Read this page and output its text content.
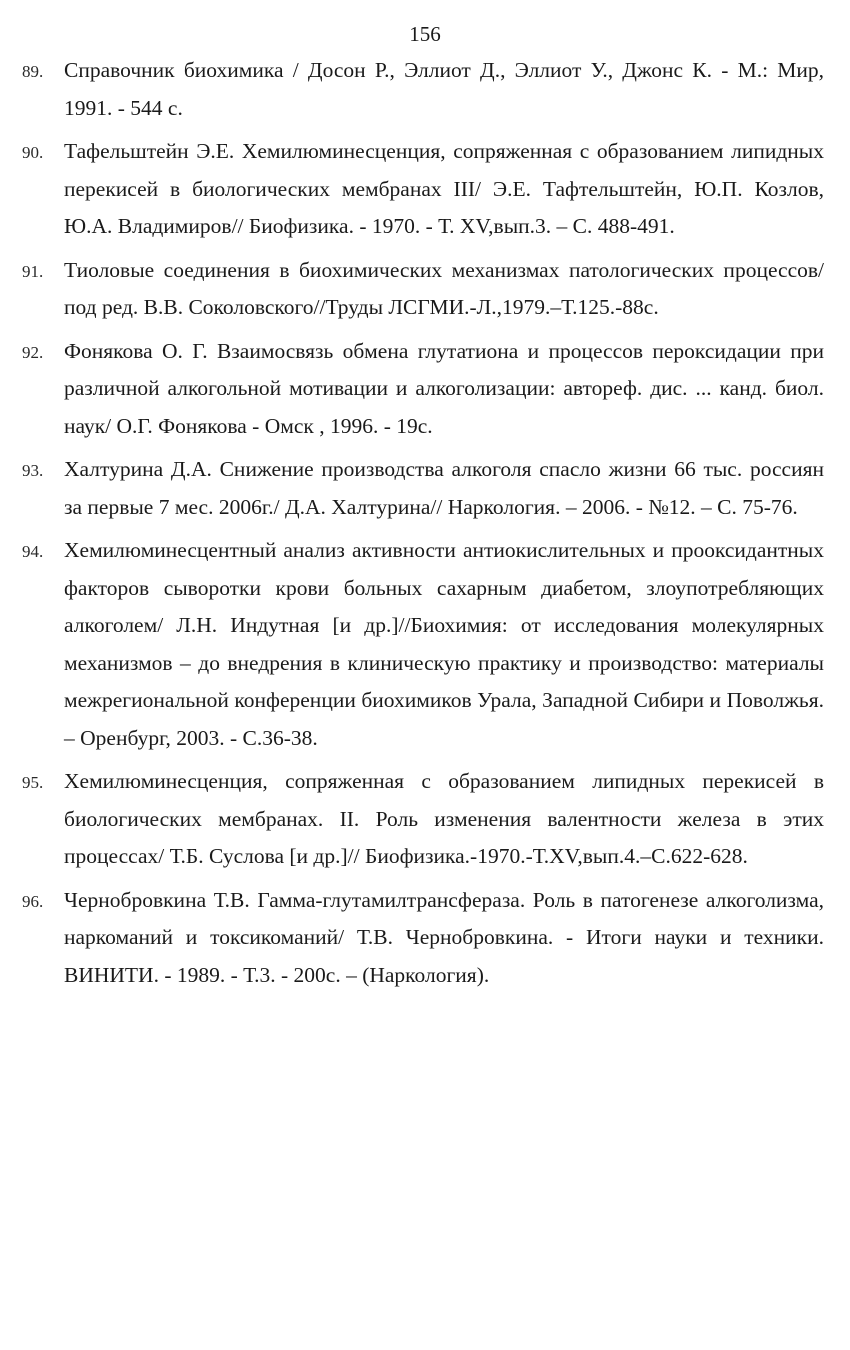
156
89. Справочник биохимика / Досон Р., Эллиот Д., Эллиот У., Джонс К. - М.: Мир, 1991. - 544 с.
90. Тафельштейн Э.Е. Хемилюминесценция, сопряженная с образованием липидных перекисей в биологических мембранах III/ Э.Е. Тафтельштейн, Ю.П. Козлов, Ю.А. Владимиров// Биофизика. - 1970. - Т. XV,вып.3. – С. 488-491.
91. Тиоловые соединения в биохимических механизмах патологических процессов/под ред. В.В. Соколовского//Труды ЛСГМИ.-Л.,1979.–Т.125.-88с.
92. Фонякова О. Г. Взаимосвязь обмена глутатиона и процессов пероксидации при различной алкогольной мотивации и алкоголизации: автореф. дис. ... канд. биол. наук/ О.Г. Фонякова - Омск , 1996. - 19с.
93. Халтурина Д.А. Снижение производства алкоголя спасло жизни 66 тыс. россиян за первые 7 мес. 2006г./ Д.А. Халтурина// Наркология. – 2006. - №12. – С. 75-76.
94. Хемилюминесцентный анализ активности антиокислительных и прооксидантных факторов сыворотки крови больных сахарным диабетом, злоупотребляющих алкоголем/ Л.Н. Индутная [и др.]//Биохимия: от исследования молекулярных механизмов – до внедрения в клиническую практику и производство: материалы межрегиональной конференции биохимиков Урала, Западной Сибири и Поволжья. – Оренбург, 2003. - С.36-38.
95. Хемилюминесценция, сопряженная с образованием липидных перекисей в биологических мембранах. II. Роль изменения валентности железа в этих процессах/ Т.Б. Суслова [и др.]// Биофизика.-1970.-Т.XV,вып.4.–С.622-628.
96. Чернобровкина Т.В. Гамма-глутамилтрансфераза. Роль в патогенезе алкоголизма, наркоманий и токсикоманий/ Т.В. Чернобровкина. - Итоги науки и техники. ВИНИТИ. - 1989. - Т.3. - 200с. – (Наркология).
